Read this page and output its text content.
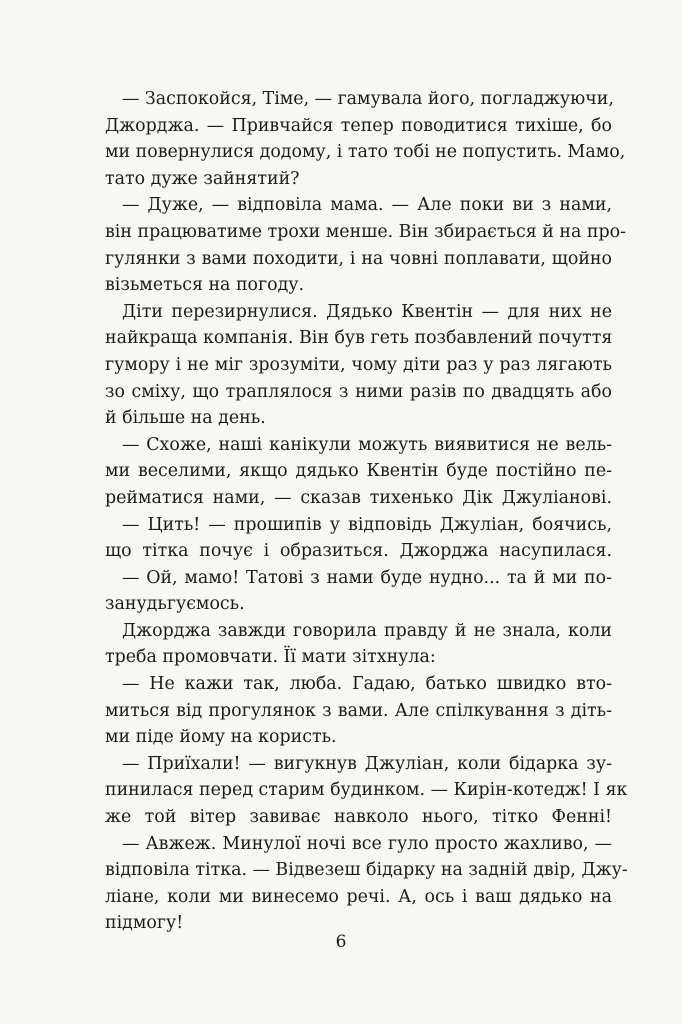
— Заспокойся, Тіме, — гамувала його, погладжуючи,
Джорджа. — Привчайся тепер поводитися тихіше, бо
ми повернулися додому, і тато тобі не попустить. Мамо,
тато дуже зайнятий?
— Дуже, — відповіла мама. — Але поки ви з нами,
він працюватиме трохи менше. Він збирається й на про-
гулянки з вами походити, і на човні поплавати, щойно
візьметься на погоду.
Діти перезирнулися. Дядько Квентін — для них не
найкраща компанія. Він був геть позбавлений почуття
гумору і не міг зрозуміти, чому діти раз у раз лягають
зо сміху, що траплялося з ними разів по двадцять або
й більше на день.
— Схоже, наші канікули можуть виявитися не вель-
ми веселими, якщо дядько Квентін буде постійно пе-
рейматися нами, — сказав тихенько Дік Джуліанові.
— Цить! — прошипів у відповідь Джуліан, боячись,
що тітка почує і образиться. Джорджа насупилася.
— Ой, мамо! Татові з нами буде нудно... та й ми по-
занудьгуємось.
Джорджа завжди говорила правду й не знала, коли
треба промовчати. Її мати зітхнула:
— Не кажи так, люба. Гадаю, батько швидко вто-
миться від прогулянок з вами. Але спілкування з діть-
ми піде йому на користь.
— Приїхали! — вигукнув Джуліан, коли бідарка зу-
пинилася перед старим будинком. — Кирін-котедж! І як
же той вітер завиває навколо нього, тітко Фенні!
— Авжеж. Минулої ночі все гуло просто жахливо, —
відповіла тітка. — Відвезеш бідарку на задній двір, Джу-
ліане, коли ми винесемо речі. А, ось і ваш дядько на
підмогу!
6
